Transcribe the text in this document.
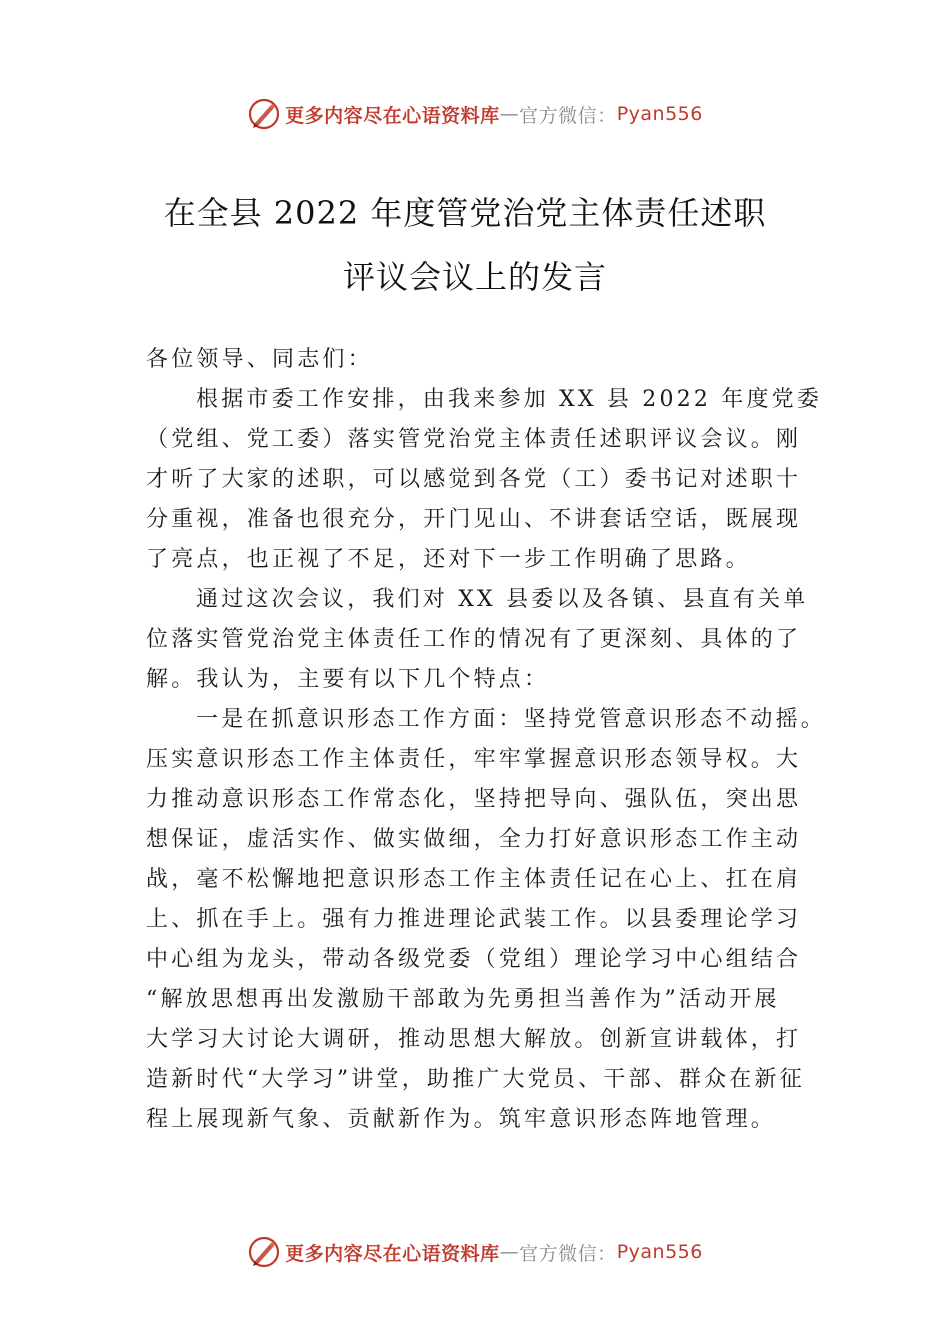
更多内容尽在心语资料库 — 官方微信： Pyan556
在全县 2022 年度管党治党主体责任述职
评议会议上的发言
各位领导、同志们：
根据市委工作安排，由我来参加 XX 县 2022 年度党委
（党组、党工委）落实管党治党主体责任述职评议会议。刚
才听了大家的述职，可以感觉到各党（工）委书记对述职十
分重视，准备也很充分，开门见山、不讲套话空话，既展现
了亮点，也正视了不足，还对下一步工作明确了思路。
通过这次会议，我们对 XX 县委以及各镇、县直有关单
位落实管党治党主体责任工作的情况有了更深刻、具体的了
解。我认为，主要有以下几个特点：
一是在抓意识形态工作方面：坚持党管意识形态不动摇。
压实意识形态工作主体责任，牢牢掌握意识形态领导权。大
力推动意识形态工作常态化，坚持把导向、强队伍，突出思
想保证，虚活实作、做实做细，全力打好意识形态工作主动
战，毫不松懈地把意识形态工作主体责任记在心上、扛在肩
上、抓在手上。强有力推进理论武装工作。以县委理论学习
中心组为龙头，带动各级党委（党组）理论学习中心组结合
“解放思想再出发激励干部敢为先勇担当善作为”活动开展
大学习大讨论大调研，推动思想大解放。创新宣讲载体，打
造新时代“大学习”讲堂，助推广大党员、干部、群众在新征
程上展现新气象、贡献新作为。筑牢意识形态阵地管理。
更多内容尽在心语资料库 — 官方微信： Pyan556
